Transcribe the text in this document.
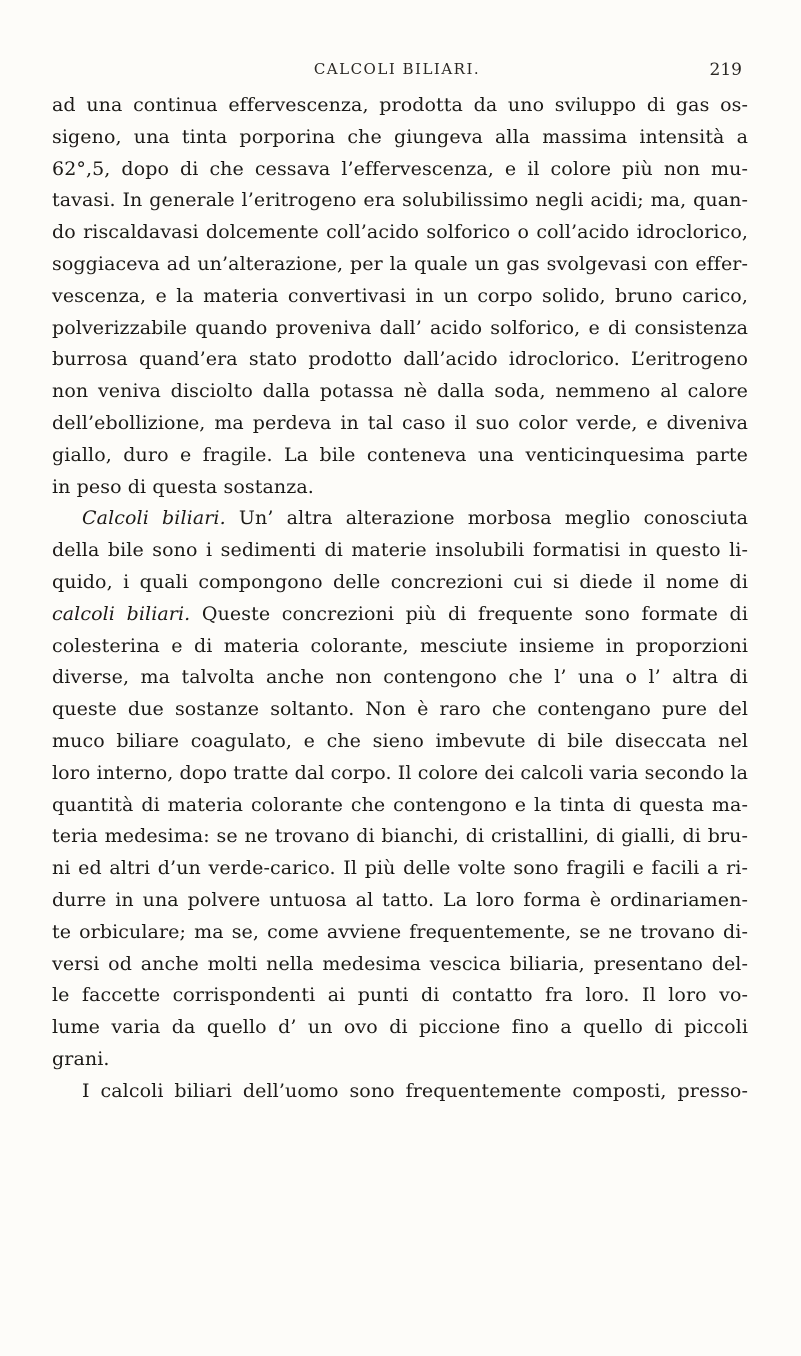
CALCOLI BILIARI.	219
ad una continua effervescenza, prodotta da uno sviluppo di gas os-
sigeno, una tinta porporina che giungeva alla massima intensità a
62°,5, dopo di che cessava l’effervescenza, e il colore più non mu-
tavasi. In generale l’eritrogeno era solubilissimo negli acidi; ma, quan-
do riscaldavasi dolcemente coll’acido solforico o coll’acido idroclorico,
soggiaceva ad un’alterazione, per la quale un gas svolgevasi con effer-
vescenza, e la materia convertivasi in un corpo solido, bruno carico,
polverizzabile quando proveniva dall’ acido solforico, e di consistenza
burrosa quand’era stato prodotto dall’acido idroclorico. L’eritrogeno
non veniva disciolto dalla potassa nè dalla soda, nemmeno al calore
dell’ebollizione, ma perdeva in tal caso il suo color verde, e diveniva
giallo, duro e fragile. La bile conteneva una venticinquesima parte
in peso di questa sostanza.
Calcoli biliari. Un’ altra alterazione morbosa meglio conosciuta
della bile sono i sedimenti di materie insolubili formatisi in questo li-
quido, i quali compongono delle concrezioni cui si diede il nome di
calcoli biliari. Queste concrezioni più di frequente sono formate di
colesterina e di materia colorante, mesciute insieme in proporzioni
diverse, ma talvolta anche non contengono che l’ una o l’ altra di
queste due sostanze soltanto. Non è raro che contengano pure del
muco biliare coagulato, e che sieno imbevute di bile diseccata nel
loro interno, dopo tratte dal corpo. Il colore dei calcoli varia secondo la
quantità di materia colorante che contengono e la tinta di questa ma-
teria medesima: se ne trovano di bianchi, di cristallini, di gialli, di bru-
ni ed altri d’un verde-carico. Il più delle volte sono fragili e facili a ri-
durre in una polvere untuosa al tatto. La loro forma è ordinariamen-
te orbiculare; ma se, come avviene frequentemente, se ne trovano di-
versi od anche molti nella medesima vescica biliaria, presentano del-
le faccette corrispondenti ai punti di contatto fra loro. Il loro vo-
lume varia da quello d’ un ovo di piccione fino a quello di piccoli
grani.
I calcoli biliari dell’uomo sono frequentemente composti, presso-
